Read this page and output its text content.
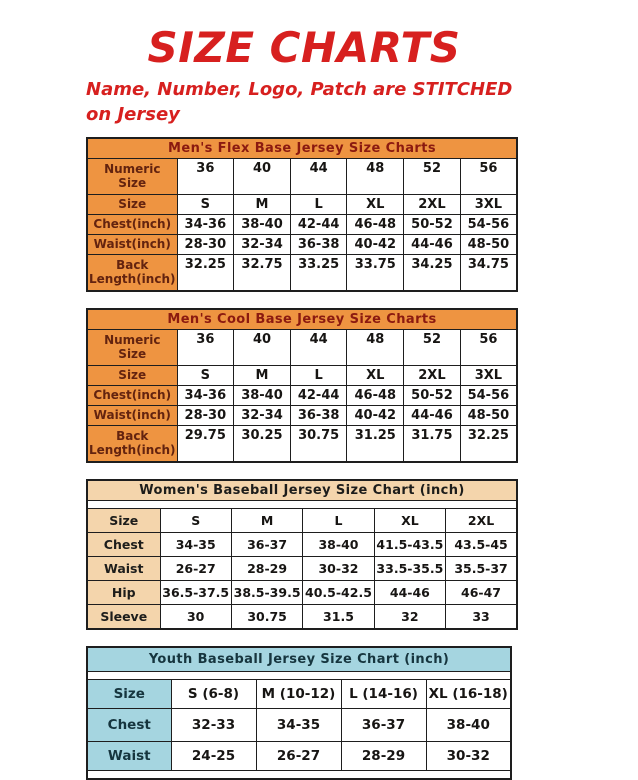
SIZE CHARTS

Name, Number, Logo, Patch are STITCHED
on Jersey

Men's Flex Base Jersey Size Charts						
Numeric Size	36	40	44	48	52	56
Size	S	M	L	XL	2XL	3XL
Chest(inch)	34-36	38-40	42-44	46-48	50-52	54-56
Waist(inch)	28-30	32-34	36-38	40-42	44-46	48-50
Back Length(inch)	32.25	32.75	33.25	33.75	34.25	34.75
Men's Cool Base Jersey Size Charts						
Numeric Size	36	40	44	48	52	56
Size	S	M	L	XL	2XL	3XL
Chest(inch)	34-36	38-40	42-44	46-48	50-52	54-56
Waist(inch)	28-30	32-34	36-38	40-42	44-46	48-50
Back Length(inch)	29.75	30.25	30.75	31.25	31.75	32.25
Women's Baseball Jersey Size Chart (inch)					

Size	S	M	L	XL	2XL
Chest	34-35	36-37	38-40	41.5-43.5	43.5-45
Waist	26-27	28-29	30-32	33.5-35.5	35.5-37
Hip	36.5-37.5	38.5-39.5	40.5-42.5	44-46	46-47
Sleeve	30	30.75	31.5	32	33
Youth Baseball Jersey Size Chart (inch)				

Size	S (6-8)	M (10-12)	L (14-16)	XL (16-18)
Chest	32-33	34-35	36-37	38-40
Waist	24-25	26-27	28-29	30-32
